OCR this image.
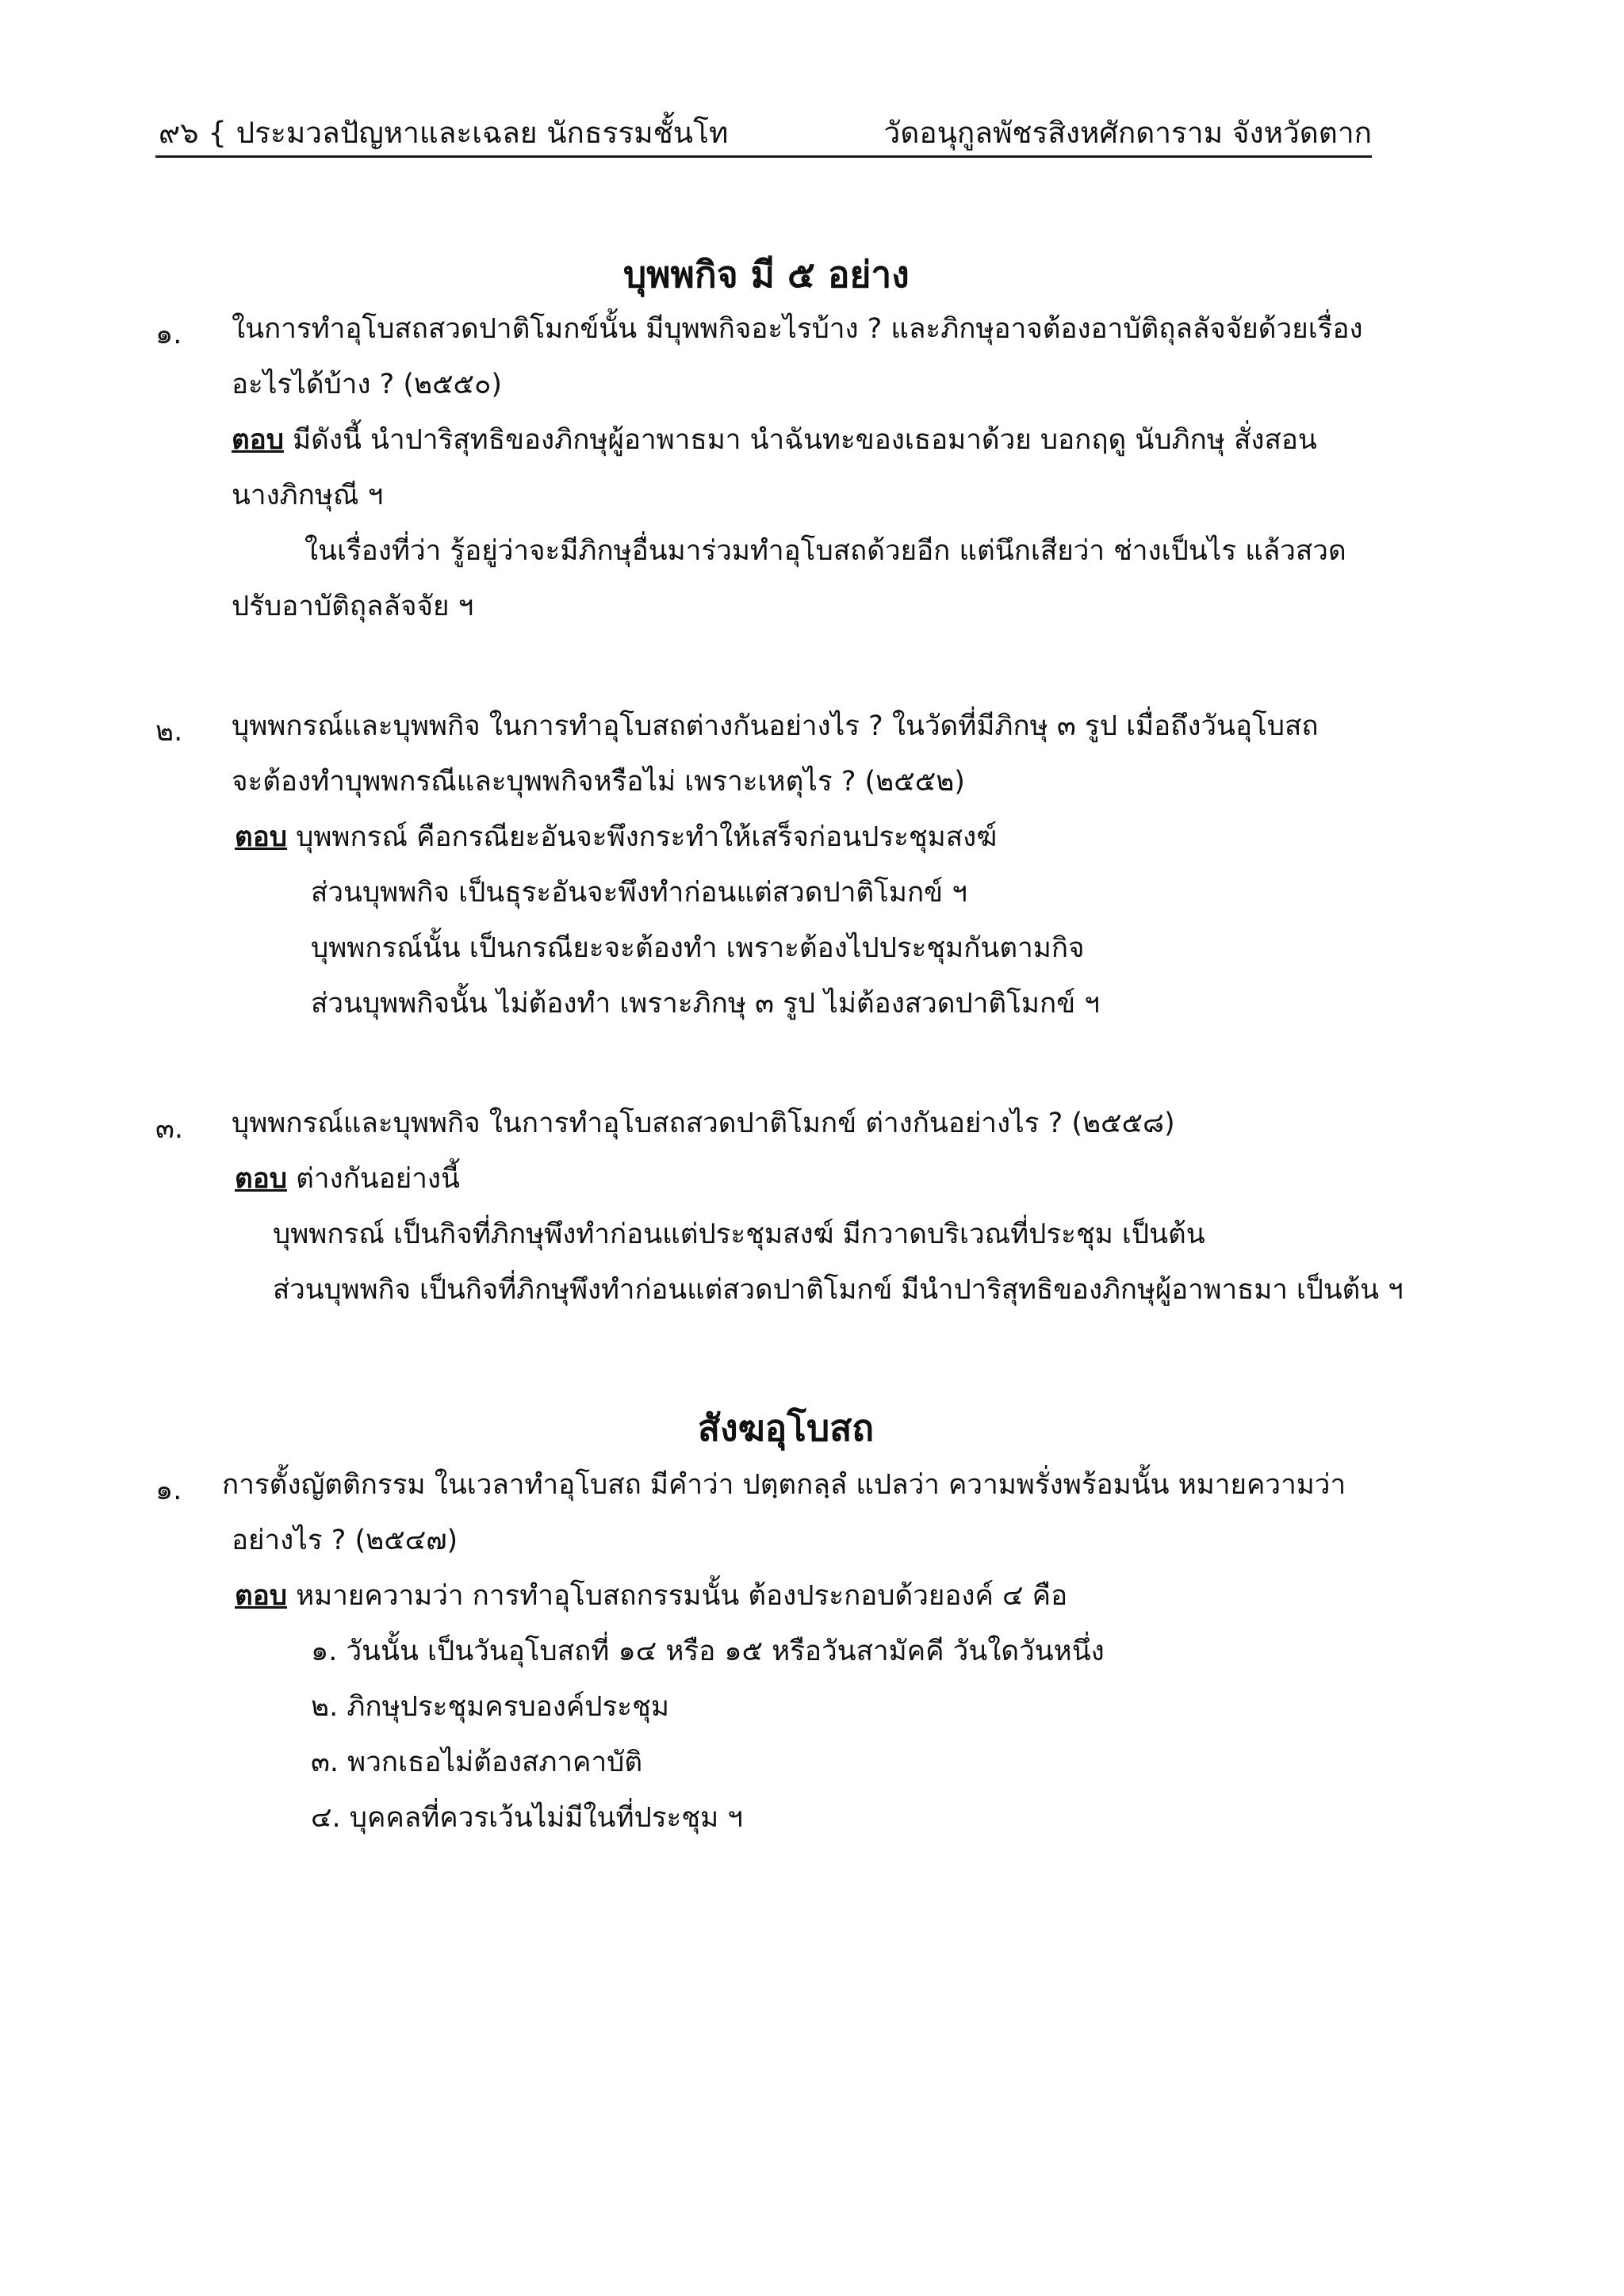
๙๖ { ประมวลปัญหาและเฉลย นักธรรมชั้นโท	วัดอนุกูลพัชรสิงหศักดาราม จังหวัดตาก
บุพพกิจ มี ๕ อย่าง
๑. ในการทำอุโบสถสวดปาติโมกข์นั้น มีบุพพกิจอะไรบ้าง ? และภิกษุอาจต้องอาบัติถุลลัจจัยด้วยเรื่อง
อะไรได้บ้าง ? (๒๕๕๐)
ตอบ มีดังนี้ นำปาริสุทธิของภิกษุผู้อาพาธมา นำฉันทะของเธอมาด้วย บอกฤดู นับภิกษุ สั่งสอน
นางภิกษุณี ฯ
ในเรื่องที่ว่า รู้อยู่ว่าจะมีภิกษุอื่นมาร่วมทำอุโบสถด้วยอีก แต่นึกเสียว่า ช่างเป็นไร แล้วสวด
ปรับอาบัติถุลลัจจัย ฯ
๒. บุพพกรณ์และบุพพกิจ ในการทำอุโบสถต่างกันอย่างไร ? ในวัดที่มีภิกษุ ๓ รูป เมื่อถึงวันอุโบสถ
จะต้องทำบุพพกรณีและบุพพกิจหรือไม่ เพราะเหตุไร ? (๒๕๕๒)
ตอบ บุพพกรณ์ คือกรณียะอันจะพึงกระทำให้เสร็จก่อนประชุมสงฆ์
ส่วนบุพพกิจ เป็นธุระอันจะพึงทำก่อนแต่สวดปาติโมกข์ ฯ
บุพพกรณ์นั้น เป็นกรณียะจะต้องทำ เพราะต้องไปประชุมกันตามกิจ
ส่วนบุพพกิจนั้น ไม่ต้องทำ เพราะภิกษุ ๓ รูป ไม่ต้องสวดปาติโมกข์ ฯ
๓. บุพพกรณ์และบุพพกิจ ในการทำอุโบสถสวดปาติโมกข์ ต่างกันอย่างไร ? (๒๕๕๘)
ตอบ ต่างกันอย่างนี้
บุพพกรณ์ เป็นกิจที่ภิกษุพึงทำก่อนแต่ประชุมสงฆ์ มีกวาดบริเวณที่ประชุม เป็นต้น
ส่วนบุพพกิจ เป็นกิจที่ภิกษุพึงทำก่อนแต่สวดปาติโมกข์ มีนำปาริสุทธิของภิกษุผู้อาพาธมา เป็นต้น ฯ
สังฆอุโบสถ
๑. การตั้งญัตติกรรม ในเวลาทำอุโบสถ มีคำว่า ปตฺตกลฺลํ แปลว่า ความพรั่งพร้อมนั้น หมายความว่า
อย่างไร ? (๒๕๔๗)
ตอบ หมายความว่า การทำอุโบสถกรรมนั้น ต้องประกอบด้วยองค์ ๔ คือ
๑. วันนั้น เป็นวันอุโบสถที่ ๑๔ หรือ ๑๕ หรือวันสามัคคี วันใดวันหนึ่ง
๒. ภิกษุประชุมครบองค์ประชุม
๓. พวกเธอไม่ต้องสภาคาบัติ
๔. บุคคลที่ควรเว้นไม่มีในที่ประชุม ฯ
